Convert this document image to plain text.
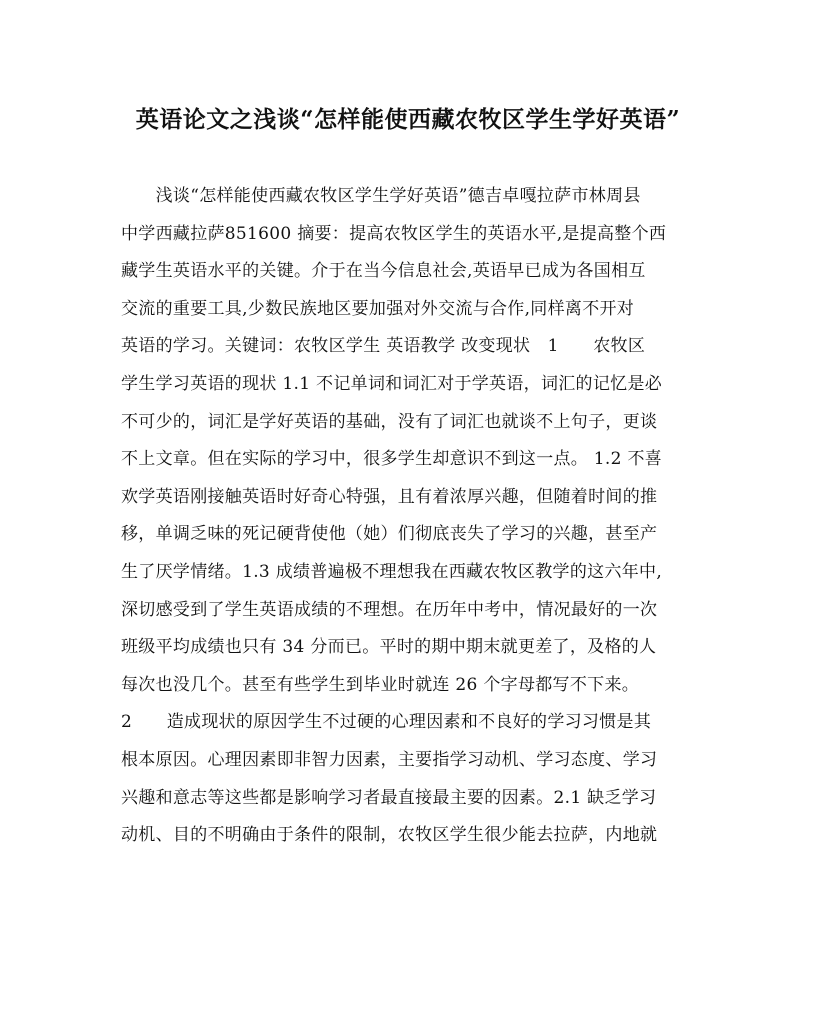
英语论文之浅谈“怎样能使西藏农牧区学生学好英语”
　　浅谈“怎样能使西藏农牧区学生学好英语”德吉卓嘎拉萨市林周县
中学西藏拉萨851600 摘要：提高农牧区学生的英语水平,是提高整个西
藏学生英语水平的关键。介于在当今信息社会,英语早已成为各国相互
交流的重要工具,少数民族地区要加强对外交流与合作,同样离不开对
英语的学习。关键词：农牧区学生 英语教学 改变现状　1　　农牧区
学生学习英语的现状 1.1 不记单词和词汇对于学英语，词汇的记忆是必
不可少的，词汇是学好英语的基础，没有了词汇也就谈不上句子，更谈
不上文章。但在实际的学习中，很多学生却意识不到这一点。 1.2 不喜
欢学英语刚接触英语时好奇心特强，且有着浓厚兴趣，但随着时间的推
移，单调乏味的死记硬背使他（她）们彻底丧失了学习的兴趣，甚至产
生了厌学情绪。1.3 成绩普遍极不理想我在西藏农牧区教学的这六年中,
深切感受到了学生英语成绩的不理想。在历年中考中，情况最好的一次
班级平均成绩也只有 34 分而已。平时的期中期末就更差了，及格的人
每次也没几个。甚至有些学生到毕业时就连 26 个字母都写不下来。
2　　造成现状的原因学生不过硬的心理因素和不良好的学习习惯是其
根本原因。心理因素即非智力因素，主要指学习动机、学习态度、学习
兴趣和意志等这些都是影响学习者最直接最主要的因素。2.1 缺乏学习
动机、目的不明确由于条件的限制，农牧区学生很少能去拉萨，内地就
